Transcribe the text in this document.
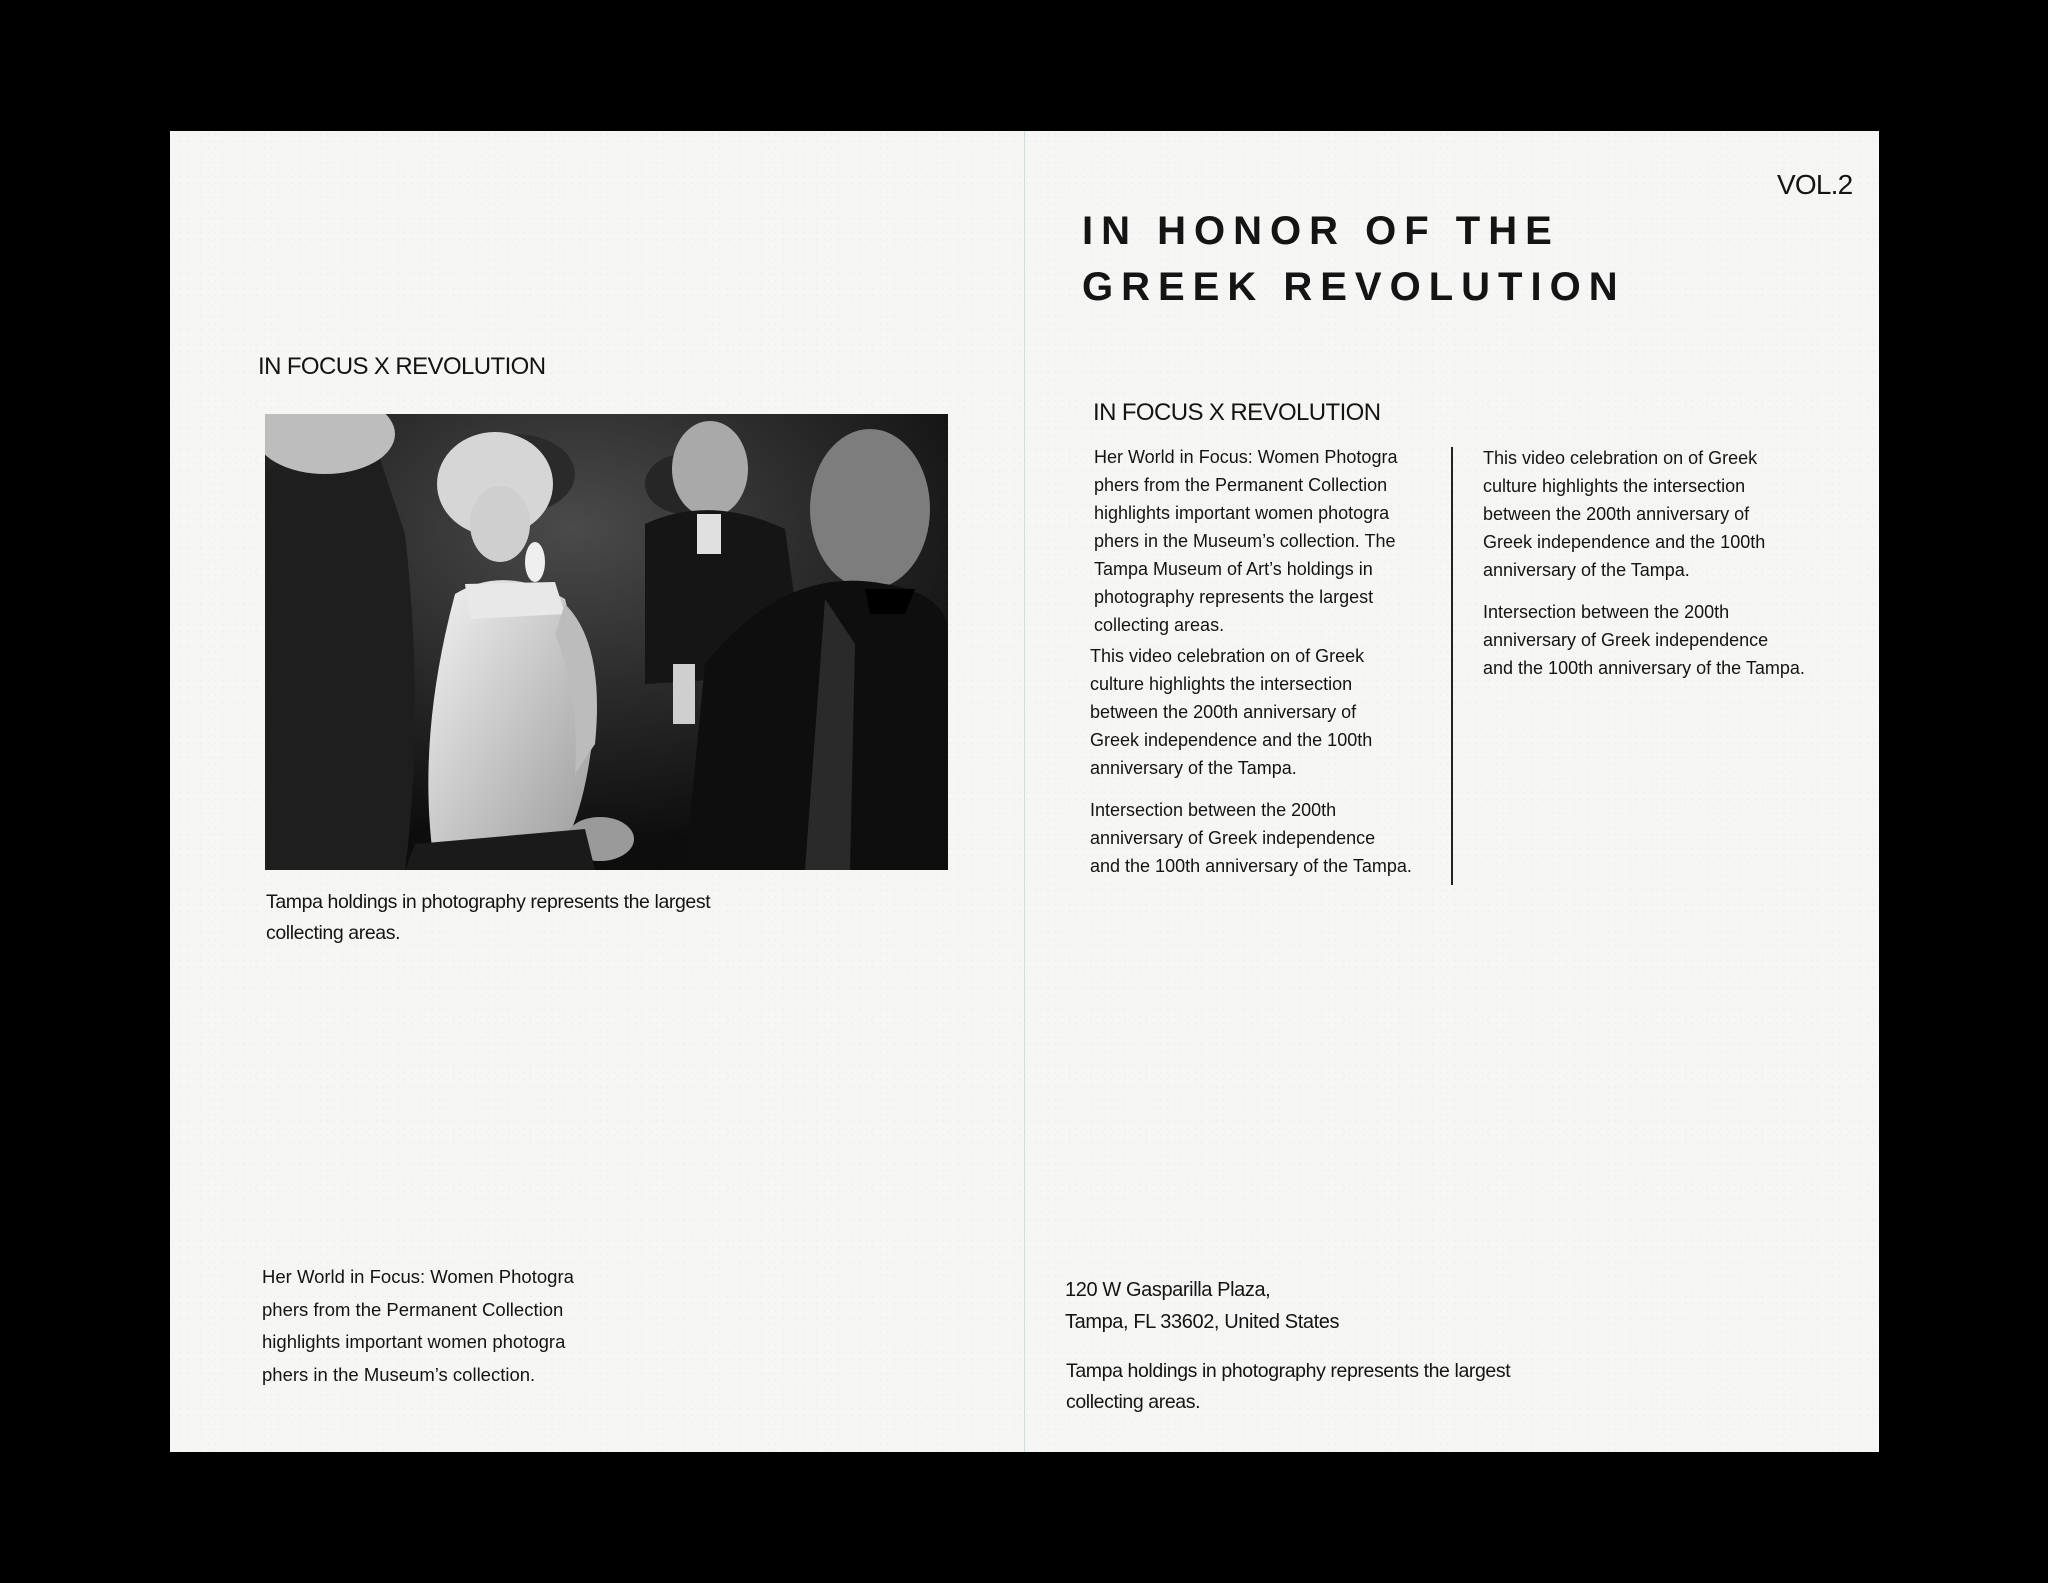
IN FOCUS X REVOLUTION
Tampa holdings in photography represents the largest collecting areas.
Her World in Focus: Women Photogra
phers from the Permanent Collection
highlights important women photogra
phers in the Museum’s collection.
VOL.2
IN HONOR OF THE
GREEK REVOLUTION
IN FOCUS X REVOLUTION
Her World in Focus: Women Photogra
phers from the Permanent Collection
highlights important women photogra
phers in the Museum’s collection. The
Tampa Museum of Art’s holdings in
photography represents the largest
collecting areas.
This video celebration on of Greek
culture highlights the intersection
between the 200th anniversary of
Greek independence and the 100th
anniversary of the Tampa.
Intersection between the 200th
anniversary of Greek independence
and the 100th anniversary of the Tampa.
This video celebration on of Greek
culture highlights the intersection
between the 200th anniversary of
Greek independence and the 100th
anniversary of the Tampa.
Intersection between the 200th
anniversary of Greek independence
and the 100th anniversary of the Tampa.
120 W Gasparilla Plaza,
Tampa, FL 33602, United States
Tampa holdings in photography represents the largest collecting areas.
